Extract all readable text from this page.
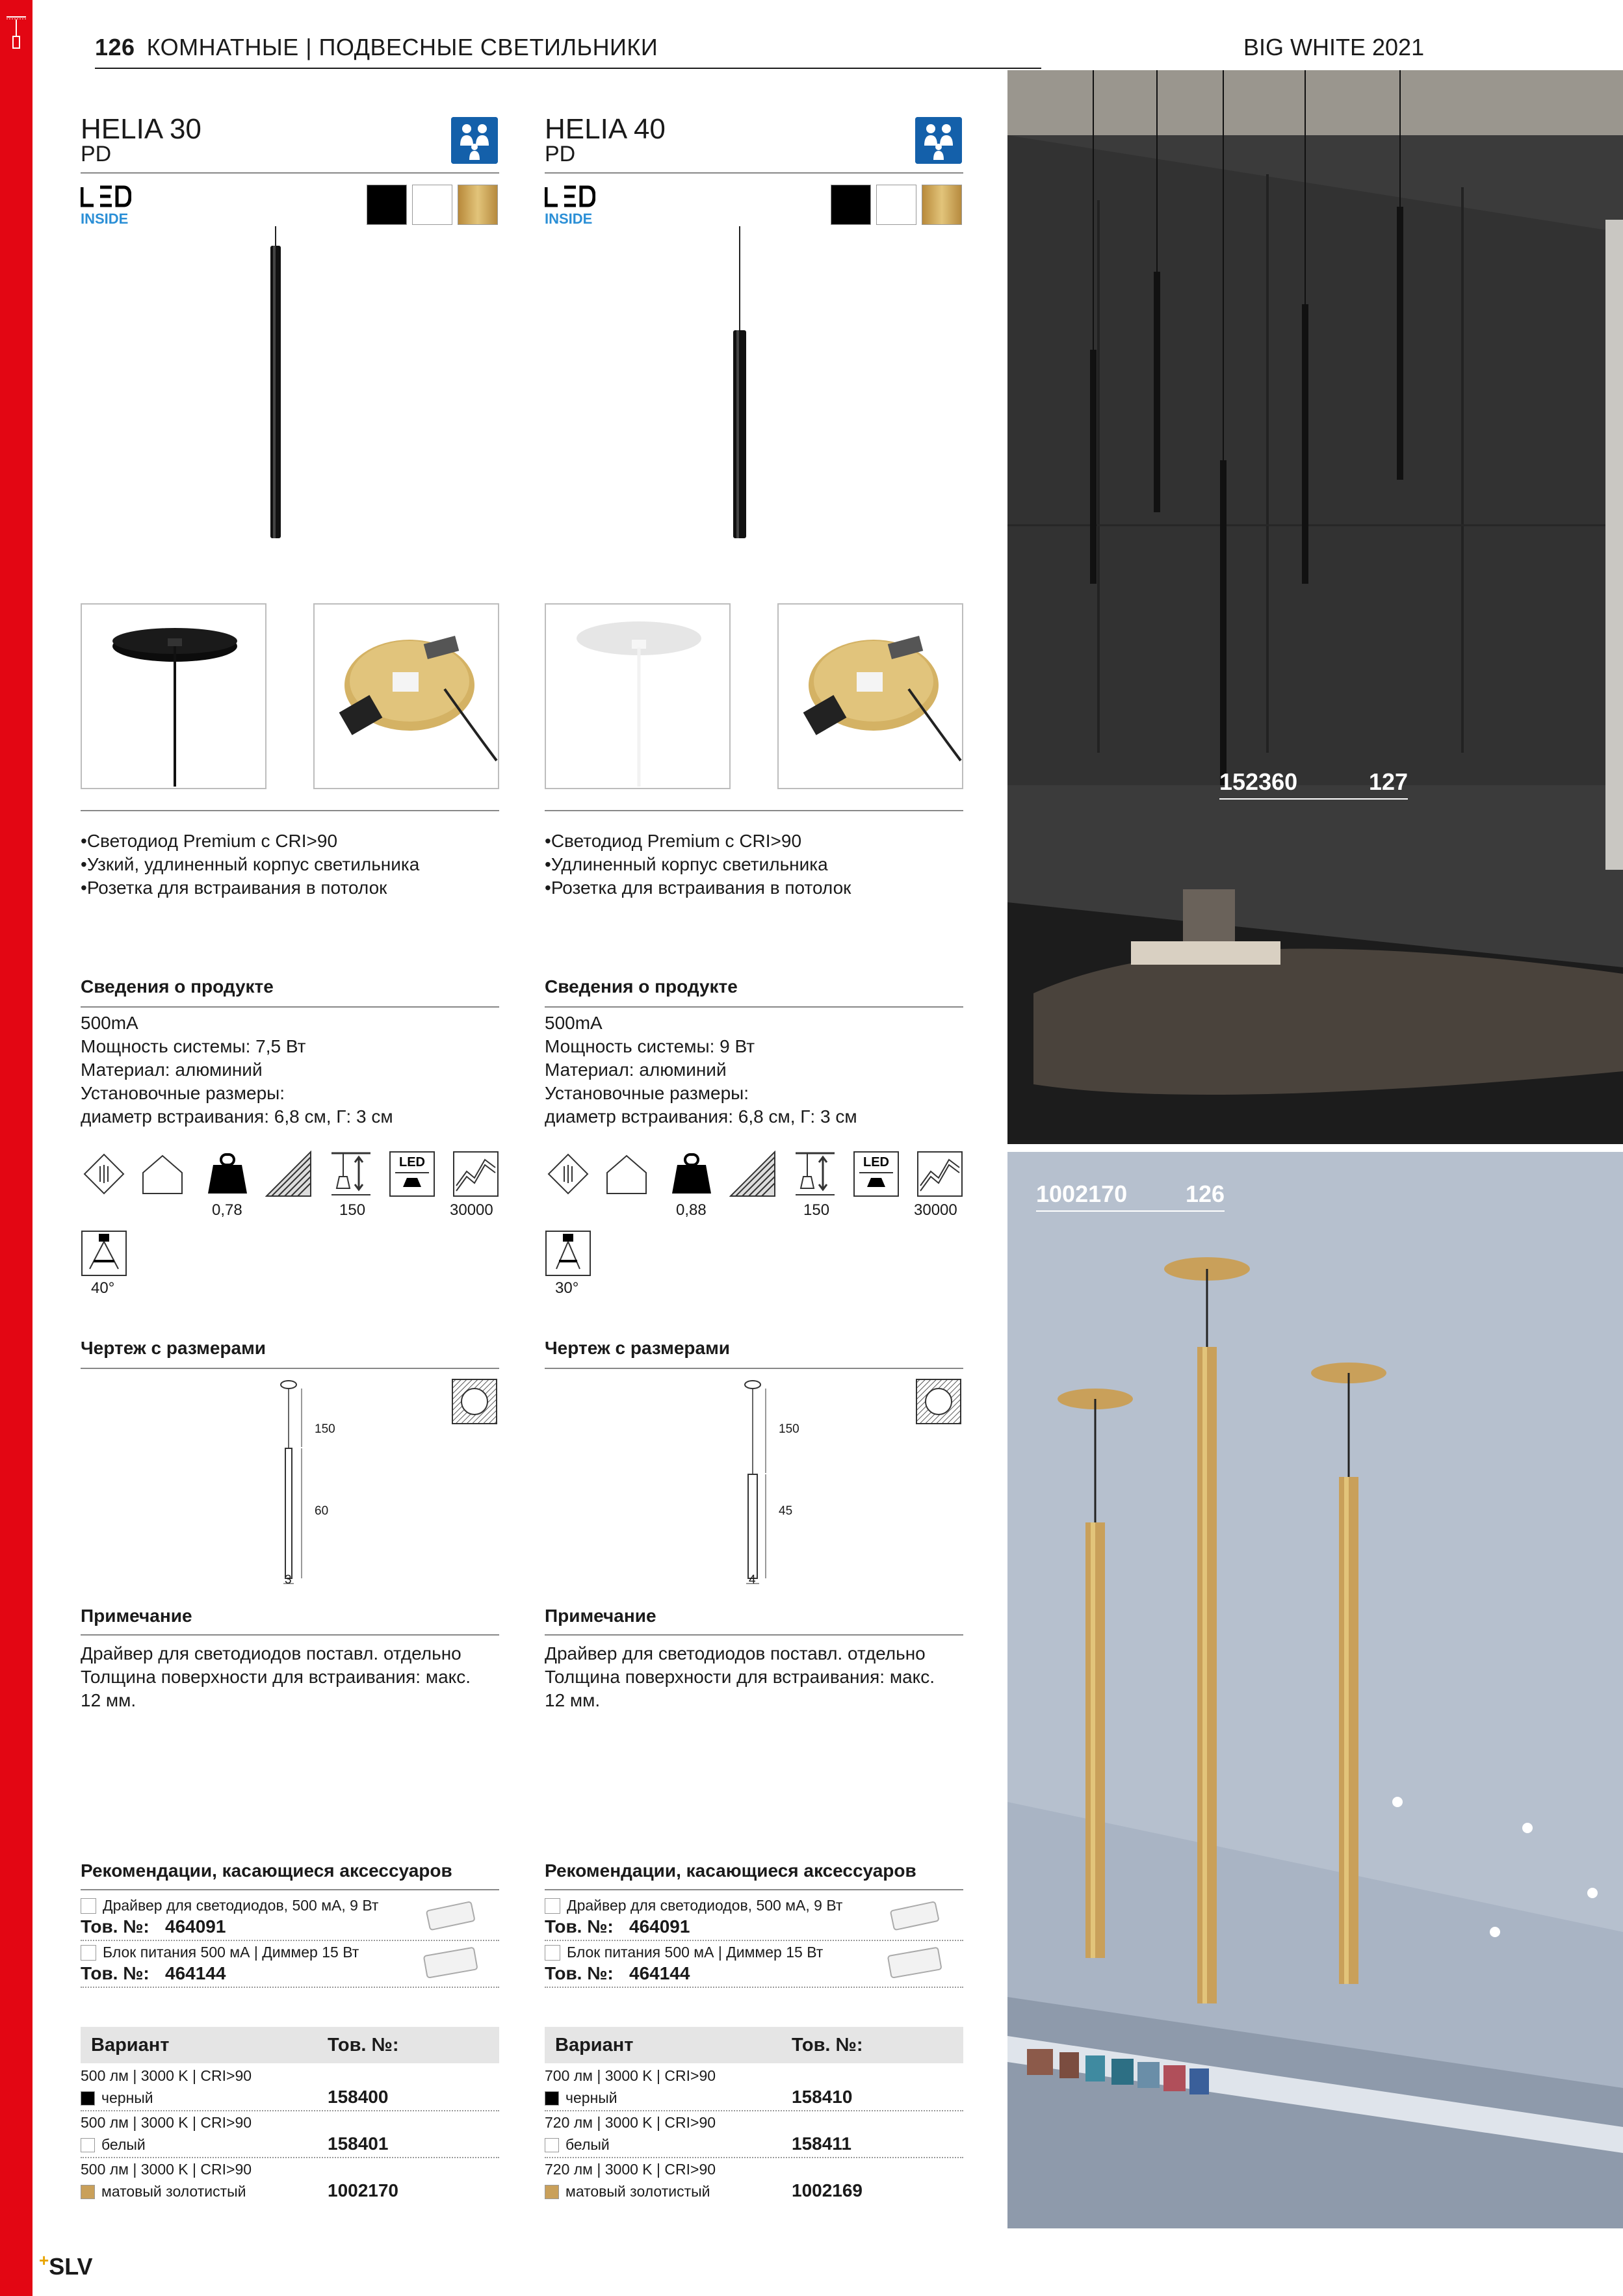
126 КОМНАТНЫЕ | ПОДВЕСНЫЕ СВЕТИЛЬНИКИ	BIG WHITE 2021
HELIA 30
PD
INSIDE
• Светодиод Premium с CRI>90
• Узкий, удлиненный корпус светильника
• Розетка для встраивания в потолок
Сведения о продукте
500mA
Мощность системы: 7,5 Вт
Материал: алюминий
Установочные размеры:
диаметр встраивания: 6,8 см, Г: 3 см
0,78	150
LED
30000
40°
Чертеж с размерами
150
60
3
Примечание
Драйвер для светодиодов поставл. отдельно
Толщина поверхности для встраивания: макс.
12 мм.
Рекомендации, касающиеся аксессуаров
Драйвер для светодиодов, 500 мА, 9 Вт
Тов. №: 464091
Блок питания 500 мА | Диммер 15 Вт
Тов. №: 464144
Вариант	Тов. №:
500 лм | 3000 K | CRI>90
черный	158400
500 лм | 3000 K | CRI>90
белый	158401
500 лм | 3000 K | CRI>90
матовый золотистый	1002170
HELIA 40
PD
INSIDE
• Светодиод Premium с CRI>90
• Удлиненный корпус светильника
• Розетка для встраивания в потолок
Сведения о продукте
500mA
Мощность системы: 9 Вт
Материал: алюминий
Установочные размеры:
диаметр встраивания: 6,8 см, Г: 3 см
0,88	150
LED
30000
30°
Чертеж с размерами
150
45
4
Примечание
Драйвер для светодиодов поставл. отдельно
Толщина поверхности для встраивания: макс.
12 мм.
Рекомендации, касающиеся аксессуаров
Драйвер для светодиодов, 500 мА, 9 Вт
Тов. №: 464091
Блок питания 500 мА | Диммер 15 Вт
Тов. №: 464144
Вариант	Тов. №:
700 лм | 3000 K | CRI>90
черный	158410
720 лм | 3000 K | CRI>90
белый	158411
720 лм | 3000 K | CRI>90
матовый золотистый	1002169
152360	127
1002170 126
+SLV
